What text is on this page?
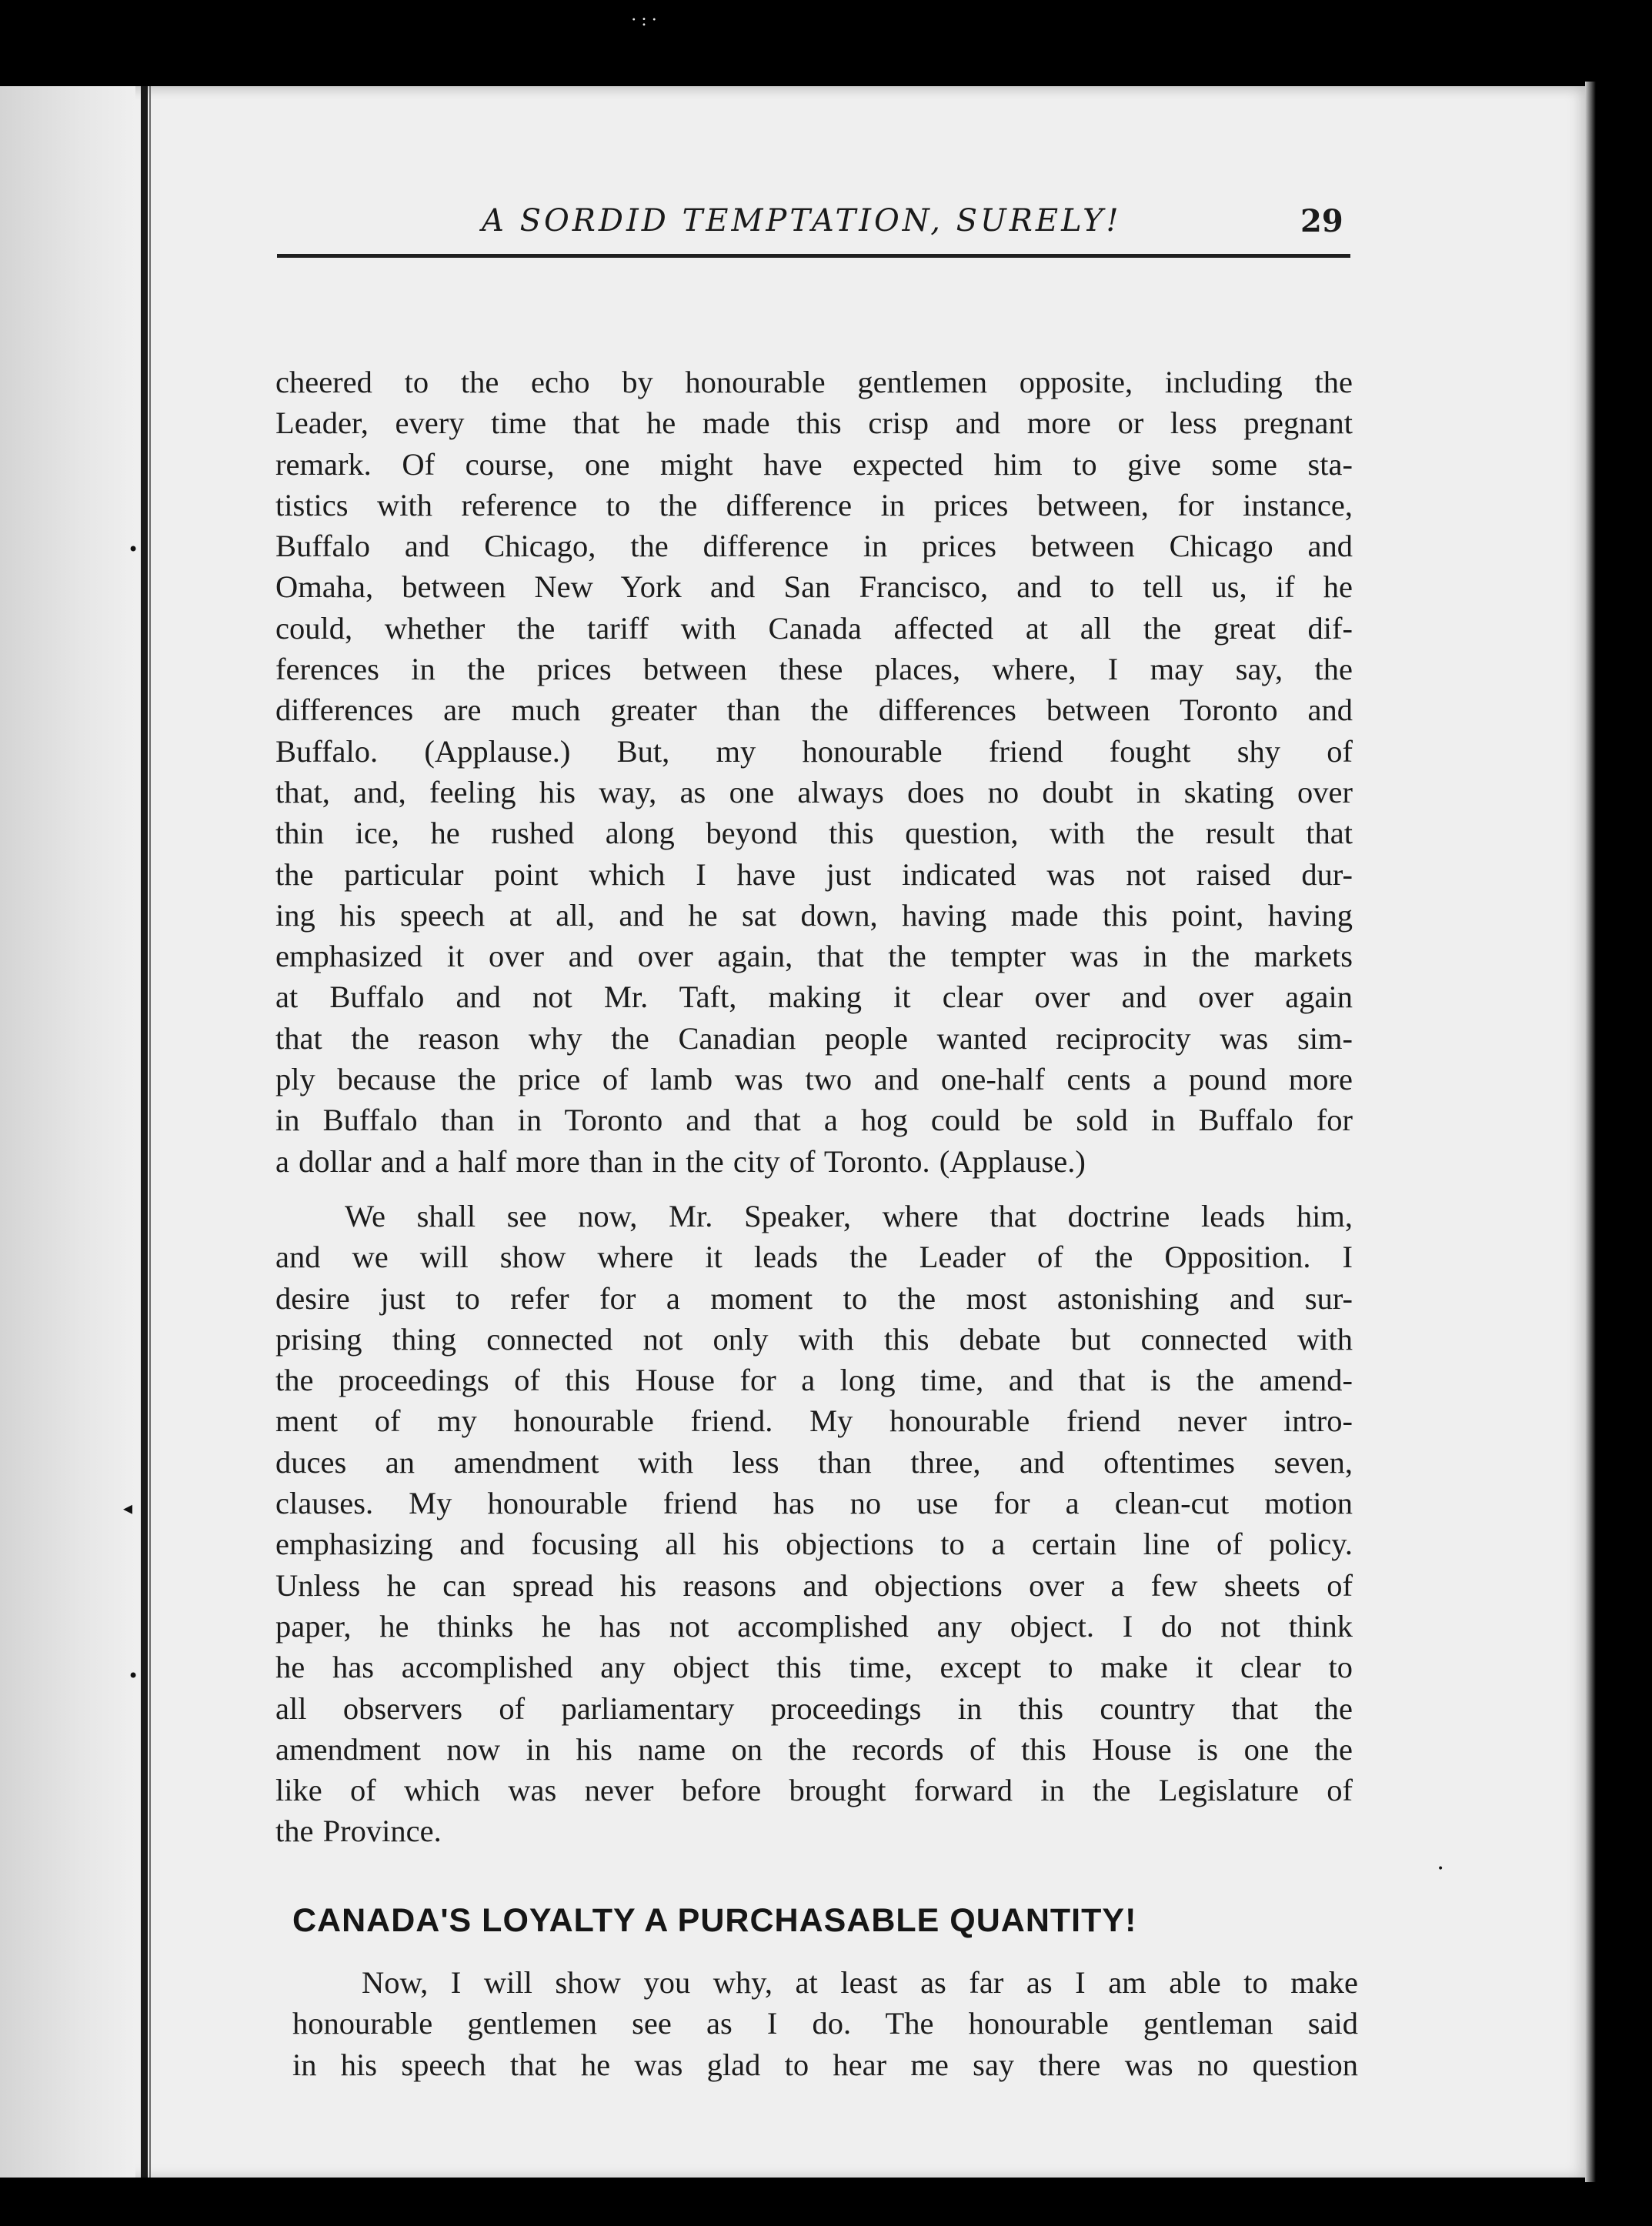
·:·
•
◂
•
•
A SORDID TEMPTATION, SURELY!	29
cheered to the echo by honourable gentlemen opposite, including the
Leader, every time that he made this crisp and more or less pregnant
remark. Of course, one might have expected him to give some sta-
tistics with reference to the difference in prices between, for instance,
Buffalo and Chicago, the difference in prices between Chicago and
Omaha, between New York and San Francisco, and to tell us, if he
could, whether the tariff with Canada affected at all the great dif-
ferences in the prices between these places, where, I may say, the
differences are much greater than the differences between Toronto and
Buffalo. (Applause.) But, my honourable friend fought shy of
that, and, feeling his way, as one always does no doubt in skating over
thin ice, he rushed along beyond this question, with the result that
the particular point which I have just indicated was not raised dur-
ing his speech at all, and he sat down, having made this point, having
emphasized it over and over again, that the tempter was in the markets
at Buffalo and not Mr. Taft, making it clear over and over again
that the reason why the Canadian people wanted reciprocity was sim-
ply because the price of lamb was two and one-half cents a pound more
in Buffalo than in Toronto and that a hog could be sold in Buffalo for
a dollar and a half more than in the city of Toronto. (Applause.)
We shall see now, Mr. Speaker, where that doctrine leads him,
and we will show where it leads the Leader of the Opposition. I
desire just to refer for a moment to the most astonishing and sur-
prising thing connected not only with this debate but connected with
the proceedings of this House for a long time, and that is the amend-
ment of my honourable friend. My honourable friend never intro-
duces an amendment with less than three, and oftentimes seven,
clauses. My honourable friend has no use for a clean-cut motion
emphasizing and focusing all his objections to a certain line of policy.
Unless he can spread his reasons and objections over a few sheets of
paper, he thinks he has not accomplished any object. I do not think
he has accomplished any object this time, except to make it clear to
all observers of parliamentary proceedings in this country that the
amendment now in his name on the records of this House is one the
like of which was never before brought forward in the Legislature of
the Province.
CANADA'S LOYALTY A PURCHASABLE QUANTITY!
Now, I will show you why, at least as far as I am able to make
honourable gentlemen see as I do. The honourable gentleman said
in his speech that he was glad to hear me say there was no question
